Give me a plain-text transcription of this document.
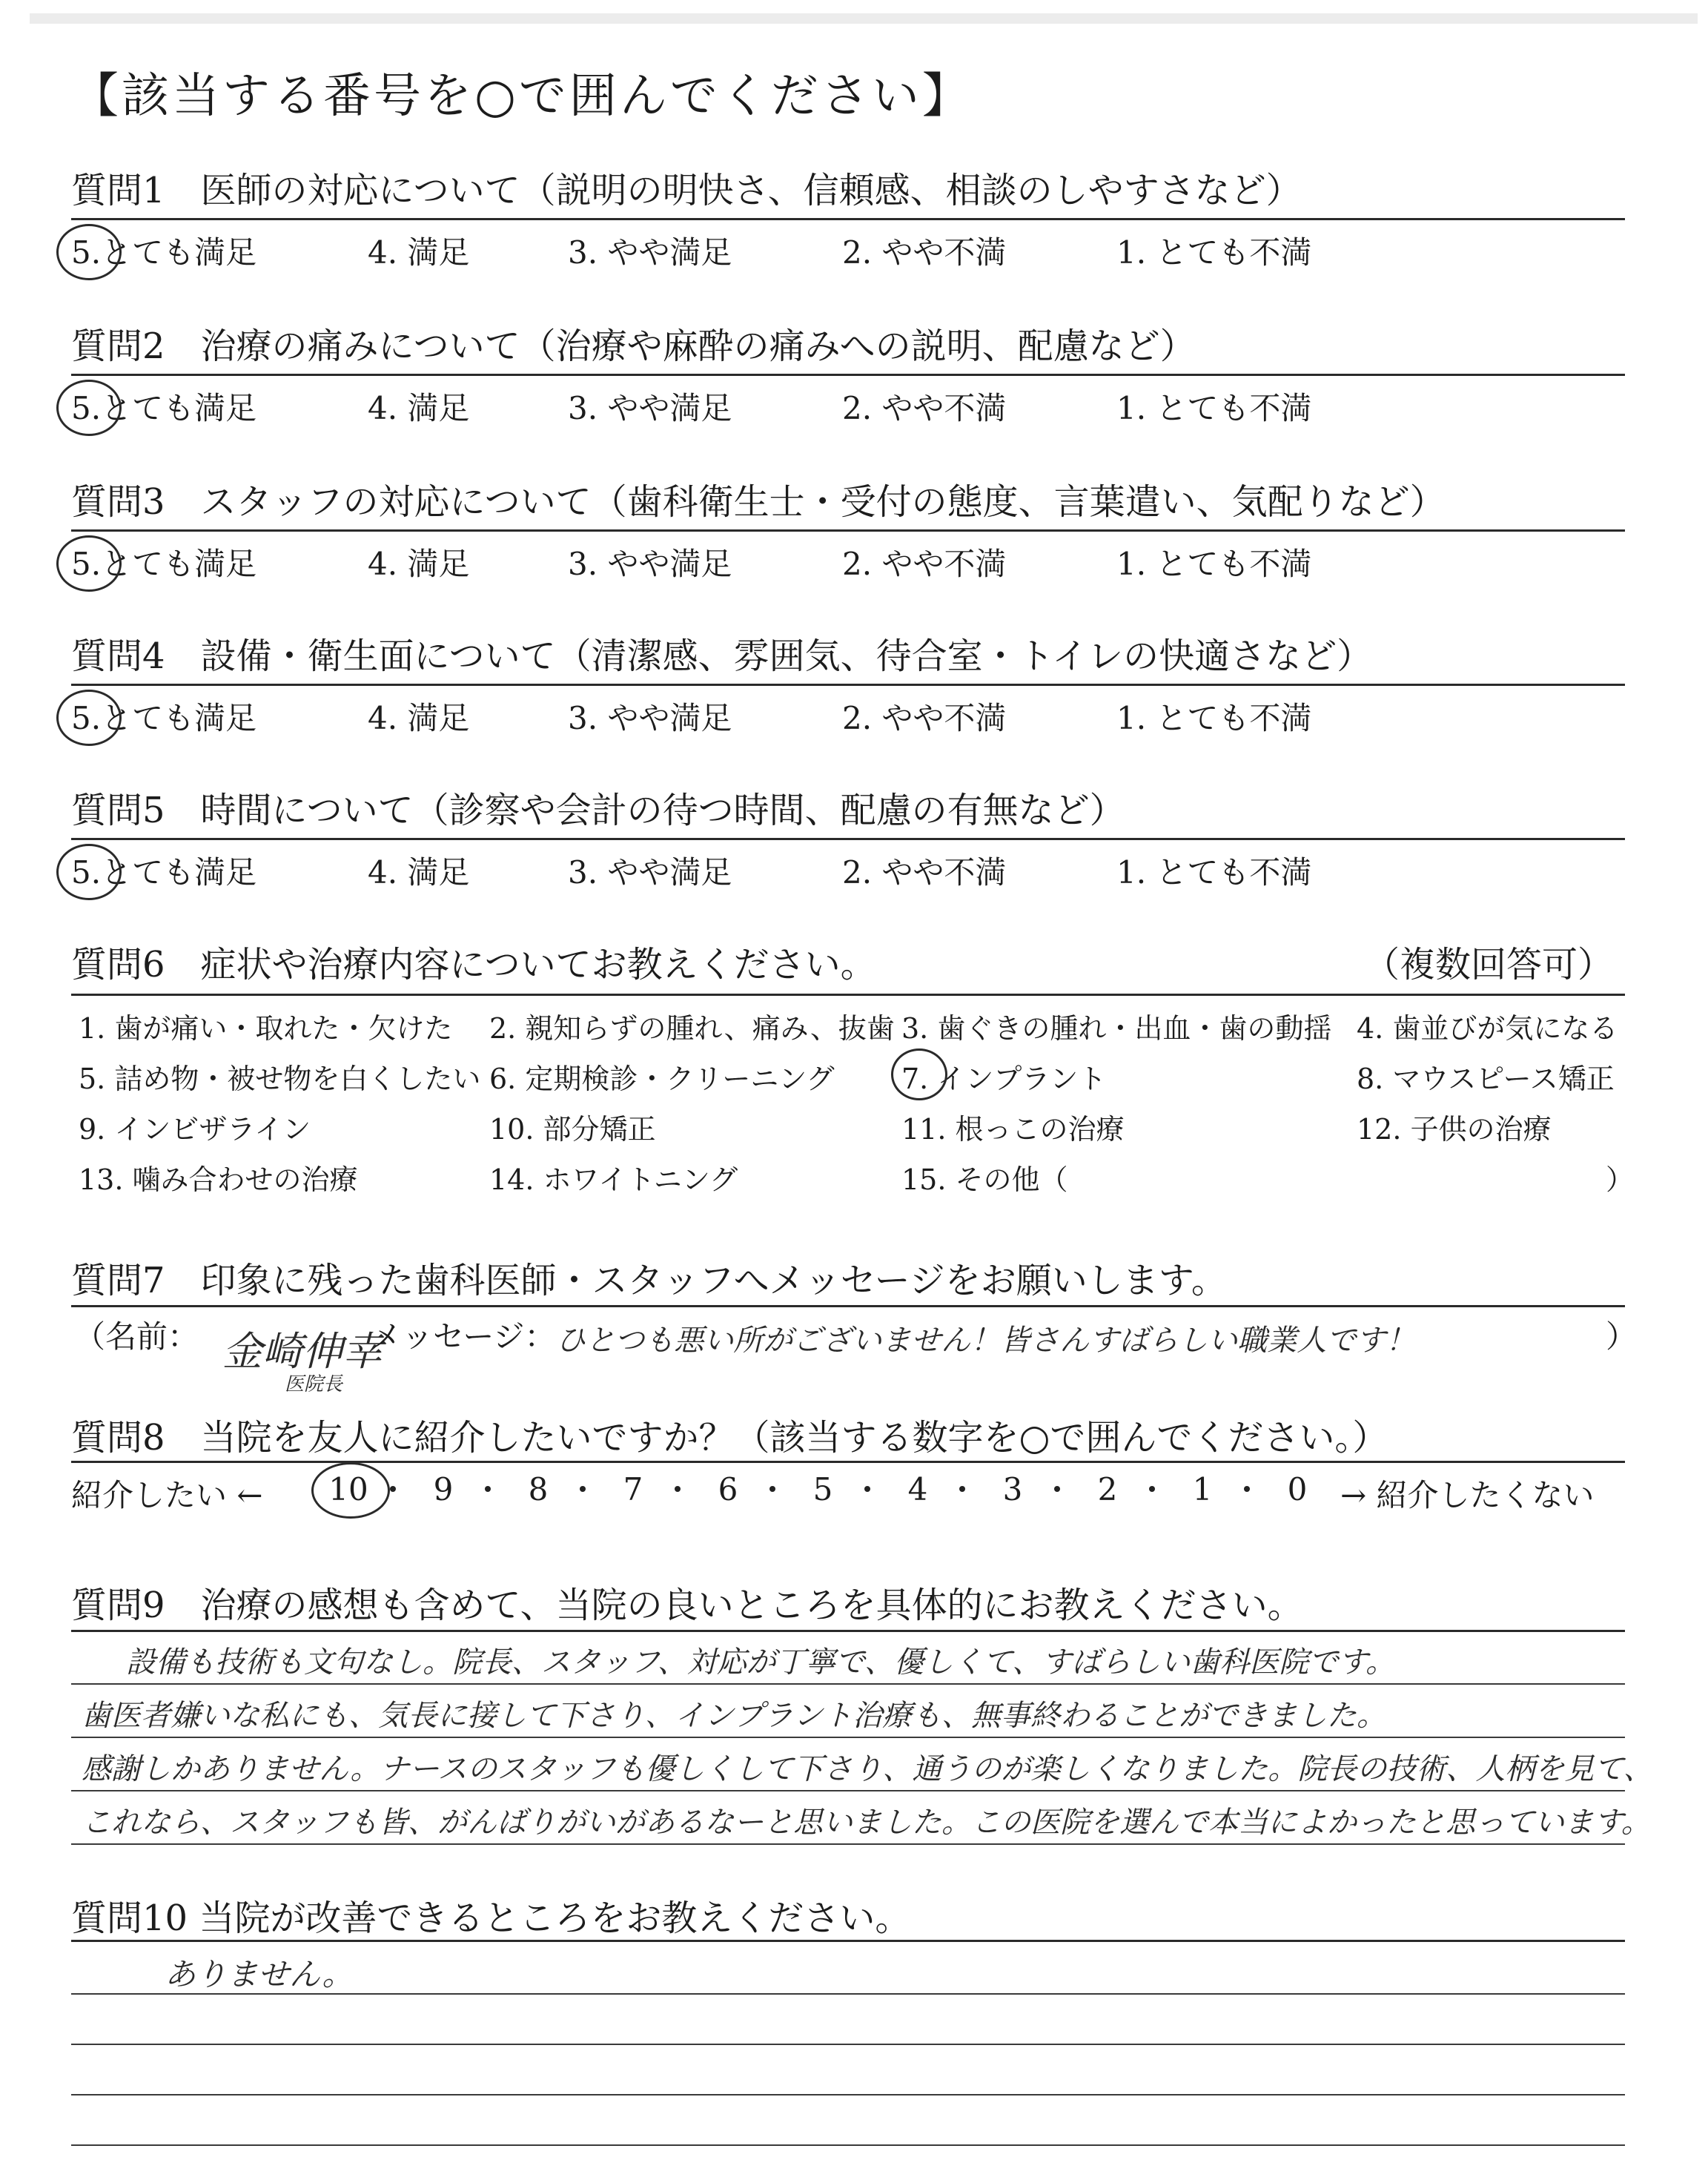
【該当する番号を○で囲んでください】
質問1　医師の対応について（説明の明快さ、信頼感、相談のしやすさなど）
5.とても満足	4. 満足	3. やや満足	2. やや不満	1. とても不満
質問2　治療の痛みについて（治療や麻酔の痛みへの説明、配慮など）
5.とても満足	4. 満足	3. やや満足	2. やや不満	1. とても不満
質問3　スタッフの対応について（歯科衛生士・受付の態度、言葉遣い、気配りなど）
5.とても満足	4. 満足	3. やや満足	2. やや不満	1. とても不満
質問4　設備・衛生面について（清潔感、雰囲気、待合室・トイレの快適さなど）
5.とても満足	4. 満足	3. やや満足	2. やや不満	1. とても不満
質問5　時間について（診察や会計の待つ時間、配慮の有無など）
5.とても満足	4. 満足	3. やや満足	2. やや不満	1. とても不満
質問6　症状や治療内容についてお教えください。	（複数回答可）
1. 歯が痛い・取れた・欠けた 2. 親知らずの腫れ、痛み、抜歯 3. 歯ぐきの腫れ・出血・歯の動揺 4. 歯並びが気になる
5. 詰め物・被せ物を白くしたい 6. 定期検診・クリーニング 7. インプラント	8. マウスピース矯正
9. インビザライン	10. 部分矯正	11. 根っこの治療	12. 子供の治療
13. 噛み合わせの治療	14. ホワイトニング	15. その他（	）
質問7　印象に残った歯科医師・スタッフへメッセージをお願いします。
（名前： 金崎伸幸
医院長
メッセージ： ひとつも悪い所がございません！皆さんすばらしい職業人です！	）
質問8　当院を友人に紹介したいですか？（該当する数字を○で囲んでください。）
紹介したい ← 10	9	8	7	6	5	4	3	2	1	0	→ 紹介したくない
質問9　治療の感想も含めて、当院の良いところを具体的にお教えください。
設備も技術も文句なし。院長、スタッフ、対応が丁寧で、優しくて、すばらしい歯科医院です。
歯医者嫌いな私にも、気長に接して下さり、インプラント治療も、無事終わることができました。
感謝しかありません。ナースのスタッフも優しくして下さり、通うのが楽しくなりました。院長の技術、人柄を見て、
これなら、スタッフも皆、がんばりがいがあるなーと思いました。この医院を選んで本当によかったと思っています。
質問10 当院が改善できるところをお教えください。
ありません。
